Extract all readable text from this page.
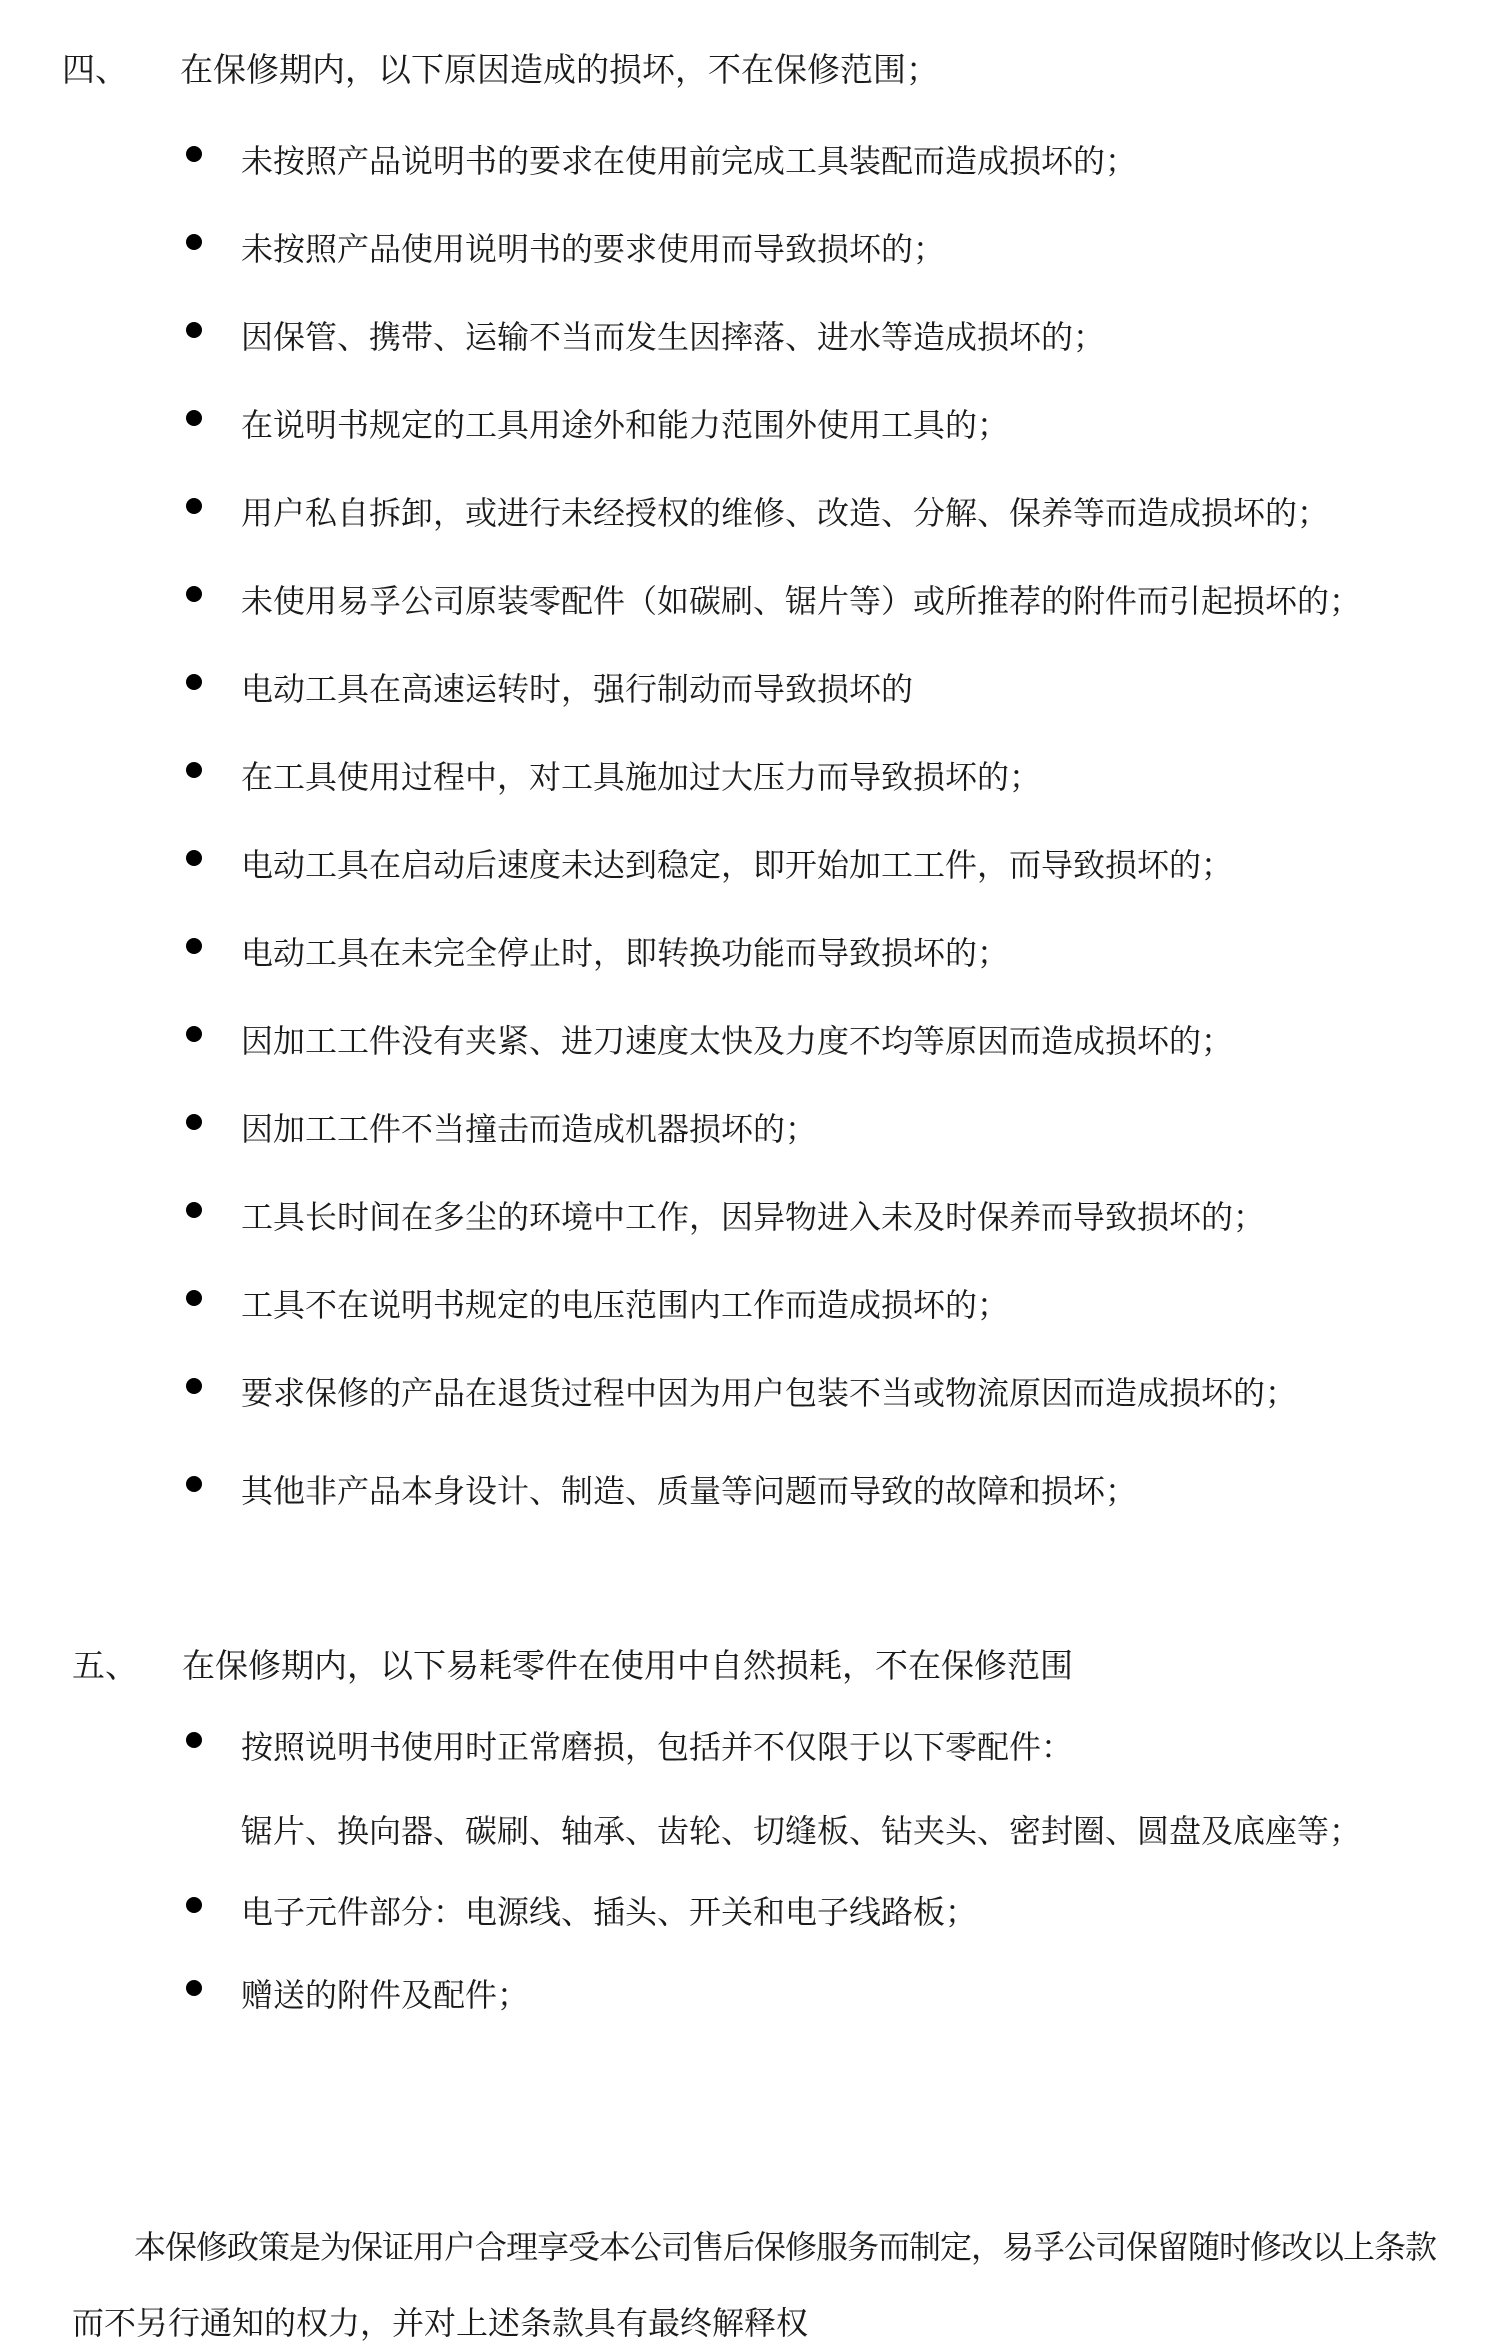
四、 在保修期内，以下原因造成的损坏，不在保修范围；
未按照产品说明书的要求在使用前完成工具装配而造成损坏的；
未按照产品使用说明书的要求使用而导致损坏的；
因保管、携带、运输不当而发生因摔落、进水等造成损坏的；
在说明书规定的工具用途外和能力范围外使用工具的；
用户私自拆卸，或进行未经授权的维修、改造、分解、保养等而造成损坏的；
未使用易孚公司原装零配件（如碳刷、锯片等）或所推荐的附件而引起损坏的；
电动工具在高速运转时，强行制动而导致损坏的
在工具使用过程中，对工具施加过大压力而导致损坏的；
电动工具在启动后速度未达到稳定，即开始加工工件，而导致损坏的；
电动工具在未完全停止时，即转换功能而导致损坏的；
因加工工件没有夹紧、进刀速度太快及力度不均等原因而造成损坏的；
因加工工件不当撞击而造成机器损坏的；
工具长时间在多尘的环境中工作，因异物进入未及时保养而导致损坏的；
工具不在说明书规定的电压范围内工作而造成损坏的；
要求保修的产品在退货过程中因为用户包装不当或物流原因而造成损坏的；
其他非产品本身设计、制造、质量等问题而导致的故障和损坏；
五、 在保修期内，以下易耗零件在使用中自然损耗，不在保修范围
按照说明书使用时正常磨损，包括并不仅限于以下零配件：
锯片、换向器、碳刷、轴承、齿轮、切缝板、钻夹头、密封圈、圆盘及底座等；
电子元件部分：电源线、插头、开关和电子线路板；
赠送的附件及配件；
本保修政策是为保证用户合理享受本公司售后保修服务而制定，易孚公司保留随时修改以上条款
而不另行通知的权力，并对上述条款具有最终解释权
